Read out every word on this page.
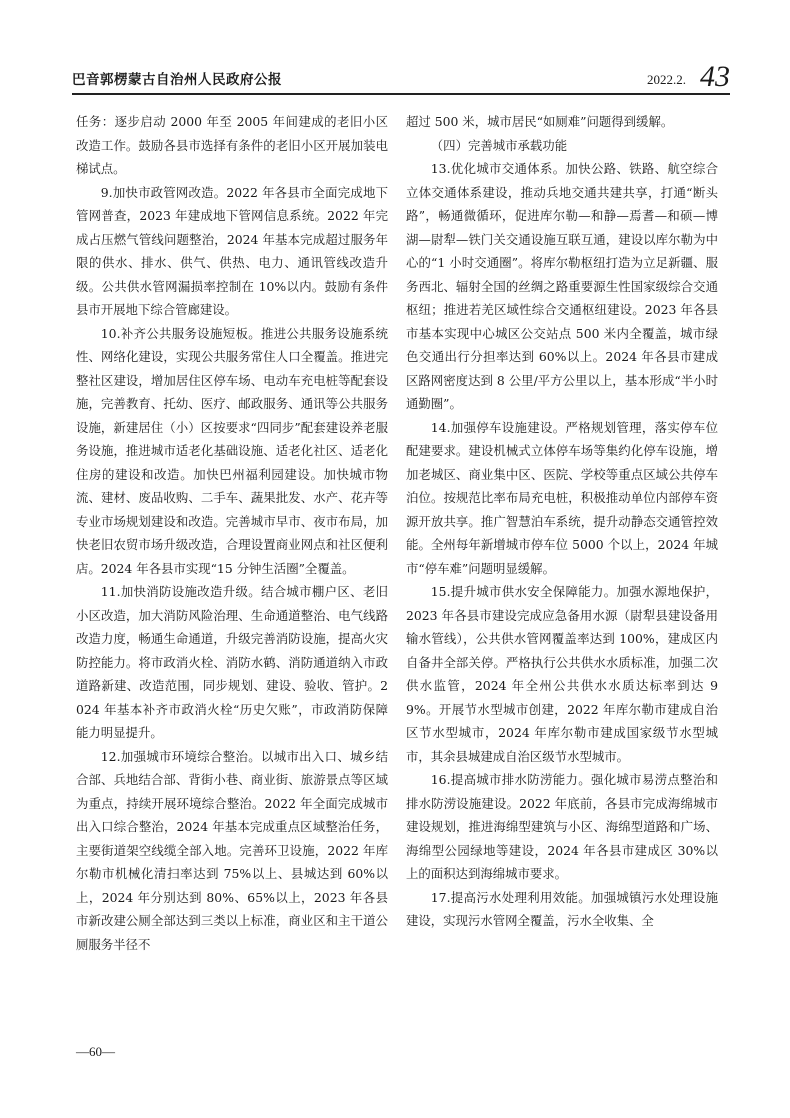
巴音郭楞蒙古自治州人民政府公报	2022.2. 43

任务：逐步启动 2000 年至 2005 年间建成的老旧小区改造工作。鼓励各县市选择有条件的老旧小区开展加装电梯试点。

9.加快市政管网改造。2022 年各县市全面完成地下管网普查，2023 年建成地下管网信息系统。2022 年完成占压燃气管线问题整治，2024 年基本完成超过服务年限的供水、排水、供气、供热、电力、通讯管线改造升级。公共供水管网漏损率控制在 10%以内。鼓励有条件县市开展地下综合管廊建设。

10.补齐公共服务设施短板。推进公共服务设施系统性、网络化建设，实现公共服务常住人口全覆盖。推进完整社区建设，增加居住区停车场、电动车充电桩等配套设施，完善教育、托幼、医疗、邮政服务、通讯等公共服务设施，新建居住（小）区按要求“四同步”配套建设养老服务设施，推进城市适老化基础设施、适老化社区、适老化住房的建设和改造。加快巴州福利园建设。加快城市物流、建材、废品收购、二手车、蔬果批发、水产、花卉等专业市场规划建设和改造。完善城市早市、夜市布局，加快老旧农贸市场升级改造，合理设置商业网点和社区便利店。2024 年各县市实现“15 分钟生活圈”全覆盖。

11.加快消防设施改造升级。结合城市棚户区、老旧小区改造，加大消防风险治理、生命通道整治、电气线路改造力度，畅通生命通道，升级完善消防设施，提高火灾防控能力。将市政消火栓、消防水鹤、消防通道纳入市政道路新建、改造范围，同步规划、建设、验收、管护。2024 年基本补齐市政消火栓“历史欠账”，市政消防保障能力明显提升。

12.加强城市环境综合整治。以城市出入口、城乡结合部、兵地结合部、背街小巷、商业街、旅游景点等区域为重点，持续开展环境综合整治。2022 年全面完成城市出入口综合整治，2024 年基本完成重点区域整治任务，主要街道架空线缆全部入地。完善环卫设施，2022 年库尔勒市机械化清扫率达到 75%以上、县城达到 60%以上，2024 年分别达到 80%、65%以上，2023 年各县市新改建公厕全部达到三类以上标准，商业区和主干道公厕服务半径不

超过 500 米，城市居民“如厕难”问题得到缓解。

（四）完善城市承载功能

13.优化城市交通体系。加快公路、铁路、航空综合立体交通体系建设，推动兵地交通共建共享，打通“断头路”，畅通微循环，促进库尔勒—和静—焉耆—和硕—博湖—尉犁—铁门关交通设施互联互通，建设以库尔勒为中心的“1 小时交通圈”。将库尔勒枢纽打造为立足新疆、服务西北、辐射全国的丝绸之路重要源生性国家级综合交通枢纽；推进若羌区域性综合交通枢纽建设。2023 年各县市基本实现中心城区公交站点 500 米内全覆盖，城市绿色交通出行分担率达到 60%以上。2024 年各县市建成区路网密度达到 8 公里/平方公里以上，基本形成“半小时通勤圈”。

14.加强停车设施建设。严格规划管理，落实停车位配建要求。建设机械式立体停车场等集约化停车设施，增加老城区、商业集中区、医院、学校等重点区域公共停车泊位。按规范比率布局充电桩，积极推动单位内部停车资源开放共享。推广智慧泊车系统，提升动静态交通管控效能。全州每年新增城市停车位 5000 个以上，2024 年城市“停车难”问题明显缓解。

15.提升城市供水安全保障能力。加强水源地保护，2023 年各县市建设完成应急备用水源（尉犁县建设备用输水管线），公共供水管网覆盖率达到 100%，建成区内自备井全部关停。严格执行公共供水水质标准，加强二次供水监管，2024 年全州公共供水水质达标率到达 99%。开展节水型城市创建，2022 年库尔勒市建成自治区节水型城市，2024 年库尔勒市建成国家级节水型城市，其余县城建成自治区级节水型城市。

16.提高城市排水防涝能力。强化城市易涝点整治和排水防涝设施建设。2022 年底前，各县市完成海绵城市建设规划，推进海绵型建筑与小区、海绵型道路和广场、海绵型公园绿地等建设，2024 年各县市建成区 30%以上的面积达到海绵城市要求。

17.提高污水处理利用效能。加强城镇污水处理设施建设，实现污水管网全覆盖，污水全收集、全

—60—
